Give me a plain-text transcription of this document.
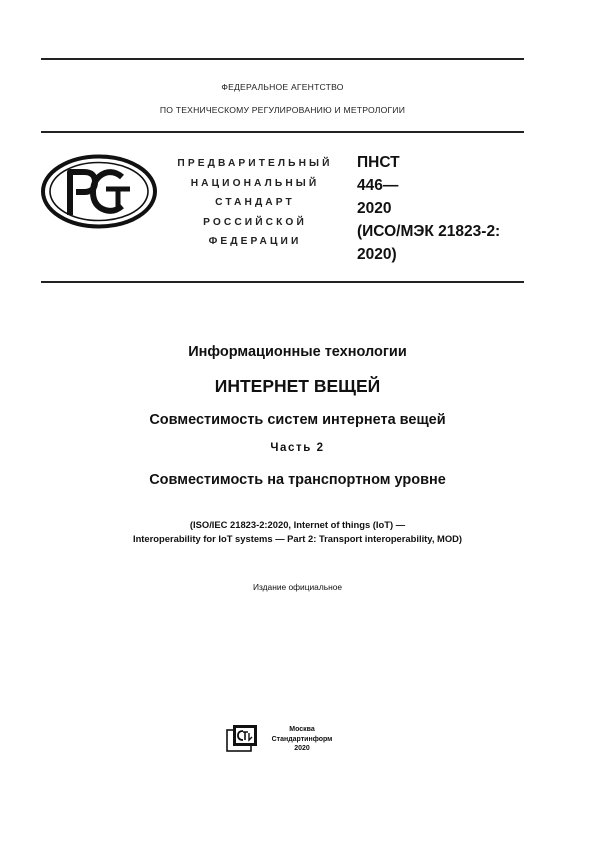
ФЕДЕРАЛЬНОЕ АГЕНТСТВО
ПО ТЕХНИЧЕСКОМУ РЕГУЛИРОВАНИЮ И МЕТРОЛОГИИ
ПРЕДВАРИТЕЛЬНЫЙ
НАЦИОНАЛЬНЫЙ
СТАНДАРТ
РОССИЙСКОЙ
ФЕДЕРАЦИИ
ПНСТ
446—
2020
(ИСО/МЭК 21823-2:
2020)
Информационные технологии
ИНТЕРНЕТ ВЕЩЕЙ
Совместимость систем интернета вещей
Часть 2
Совместимость на транспортном уровне
(ISO/IEC 21823-2:2020, Internet of things (IoT) —
Interoperability for IoT systems — Part 2: Transport interoperability, MOD)
Издание официальное
Москва
Стандартинформ
2020
